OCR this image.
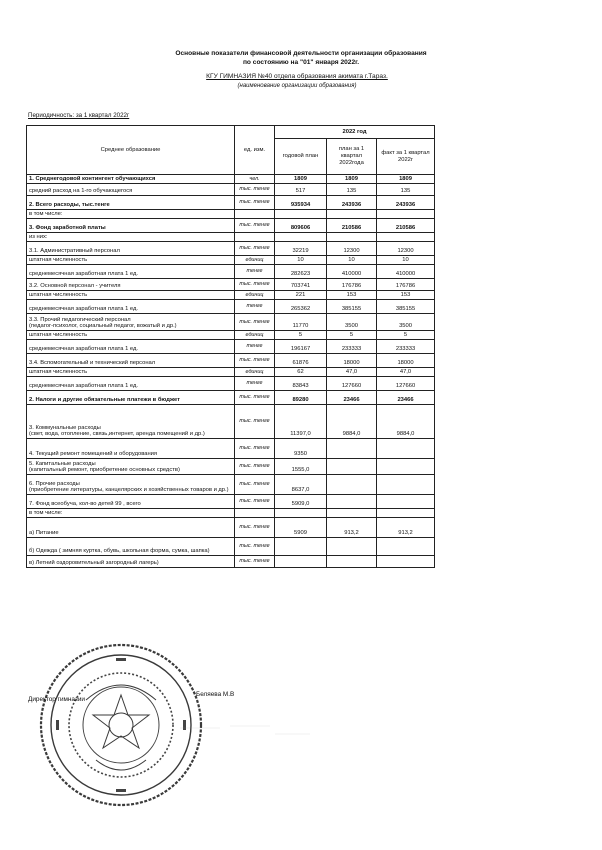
Основные показатели финансовой деятельности организации образования
по состоянию на "01" января 2022г.
КГУ ГИМНАЗИЯ №40 отдела образования акимата г.Тараз.
(наименование организации образования)
Периодичность: за 1 квартал 2022г
Среднее образование	ед. изм.	2022 год			
		годовой план	план за 1 квартал 2022года	факт за 1 квартал 2022г	
1. Среднегодовой контингент обучающихся	чел.	1809	1809	1809	
средний расход на 1-го обучающегося	тыс. тенге	517	135	135	
2. Всего расходы, тыс.тенге	тыс. тенге	935934	243936	243936	
в том числе:					
3. Фонд заработной платы	тыс. тенге	809606	210586	210586	
из них:					
3.1. Административный персонал	тыс. тенге	32219	12300	12300	
штатная численность	единиц	10	10	10	
среднемесячная заработная плата 1 ед.	тенге	282623	410000	410000	
3.2. Основной персонал - учителя	тыс. тенге	703741	176786	176786	
штатная численность	единиц	221	153	153	
среднемесячная заработная плата 1 ед.	тенге	265362	385155	385155	

3.3. Прочий педагогический персонал
(педагог-психолог, социальный педагог, вожатый и др.)	тыс. тенге	11770	3500	3500	
штатная численность	единиц	5	5	5	
среднемесячная заработная плата 1 ед.	тенге	196167	233333	233333	
3.4. Вспомогательный и технический персонал	тыс. тенге	61876	18000	18000	
штатная численность	единиц	62	47,0	47,0	
среднемесячная заработная плата 1 ед.	тенге	83843	127660	127660	
2. Налоги и другие обязательные платежи в бюджет	тыс. тенге	89280	23466	23466	

3. Коммунальные расходы
(свет, вода, отопление, связь,интернет, аренда помещений и др.)	тыс. тенге	11397,0	9884,0	9884,0	
4. Текущий ремонт помещений и оборудования	тыс. тенге	9350			

5. Капитальные расходы
(капитальный ремонт, приобретение основных средств)	тыс. тенге	1555,0			

6. Прочие расходы
(приобретение литературы, канцелярских и хозяйственных товаров и др.)	тыс. тенге	8637,0			
7. Фонд всеобуча, кол-во детей 99 , всего	тыс. тенге	5909,0			
в том числе:					
а) Питание	тыс. тенге	5909	913,2	913,2	
б) Одежда ( зимняя куртка, обувь, школьная форма, сумка, шапка)	тыс. тенге				
в) Летний оздоровительный загородный лагерь)	тыс. тенге				
Директор гимназии
Беляева М.В
